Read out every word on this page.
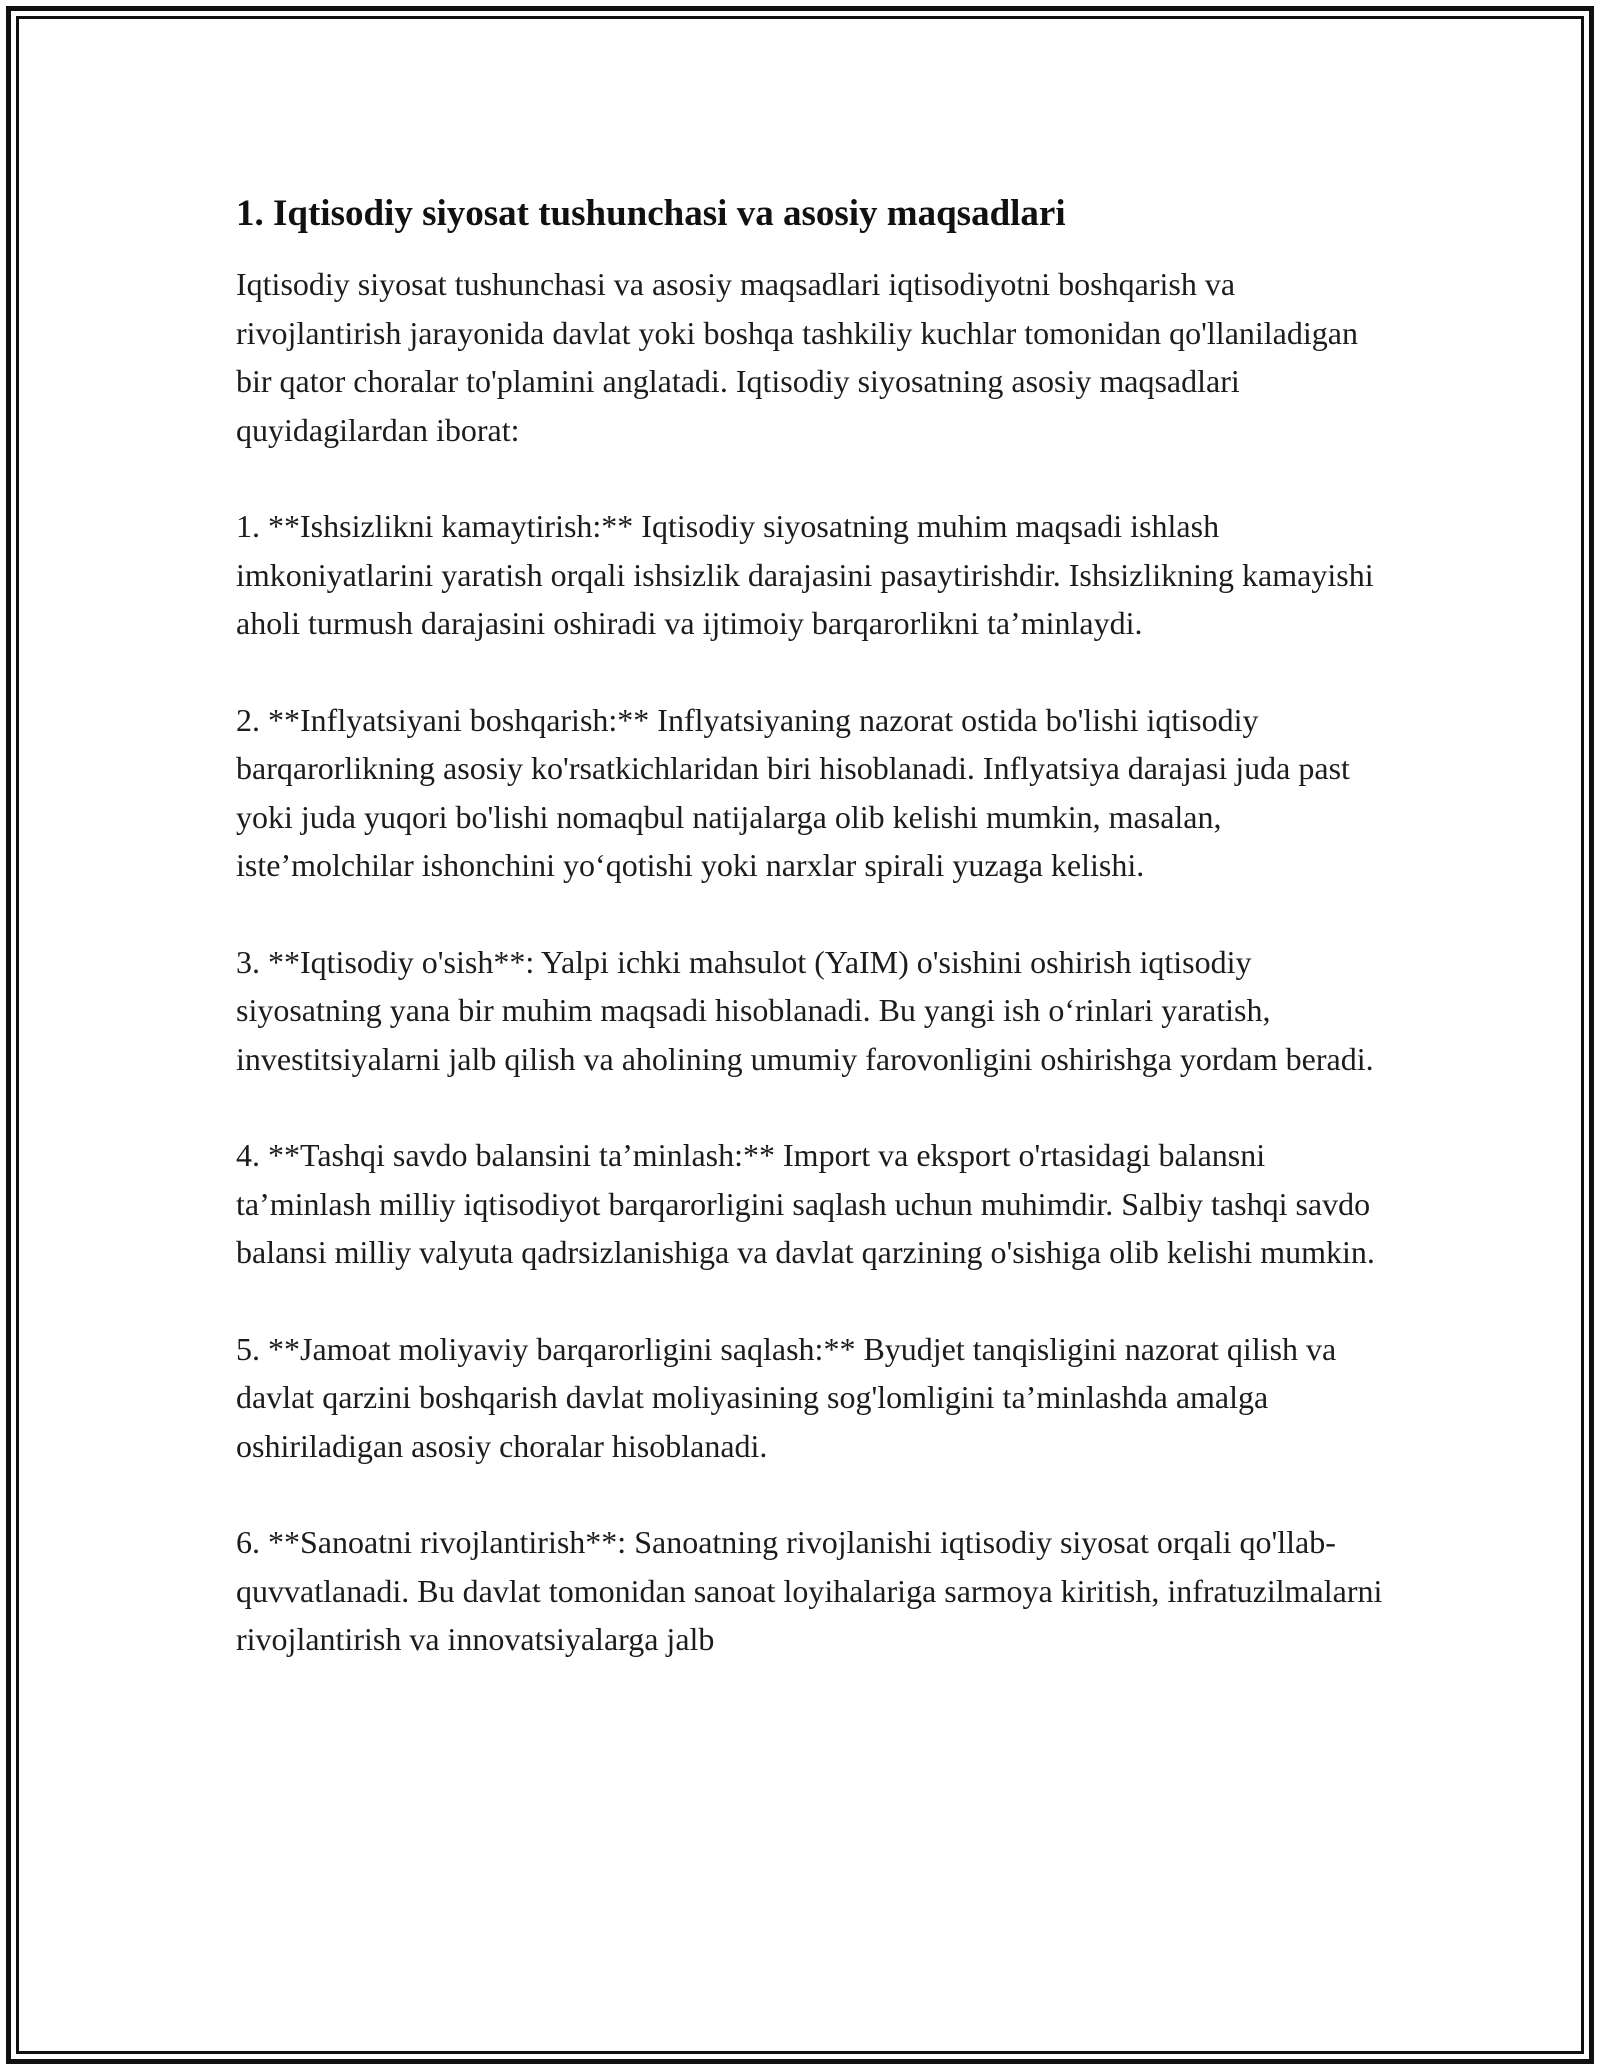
1. Iqtisodiy siyosat tushunchasi va asosiy maqsadlari

Iqtisodiy siyosat tushunchasi va asosiy maqsadlari iqtisodiyotni boshqarish va rivojlantirish jarayonida davlat yoki boshqa tashkiliy kuchlar tomonidan qo'llaniladigan bir qator choralar to'plamini anglatadi. Iqtisodiy siyosatning asosiy maqsadlari quyidagilardan iborat:

1. **Ishsizlikni kamaytirish:** Iqtisodiy siyosatning muhim maqsadi ishlash imkoniyatlarini yaratish orqali ishsizlik darajasini pasaytirishdir. Ishsizlikning kamayishi aholi turmush darajasini oshiradi va ijtimoiy barqarorlikni ta’minlaydi.

2. **Inflyatsiyani boshqarish:** Inflyatsiyaning nazorat ostida bo'lishi iqtisodiy barqarorlikning asosiy ko'rsatkichlaridan biri hisoblanadi. Inflyatsiya darajasi juda past yoki juda yuqori bo'lishi nomaqbul natijalarga olib kelishi mumkin, masalan, iste’molchilar ishonchini yo‘qotishi yoki narxlar spirali yuzaga kelishi.

3. **Iqtisodiy o'sish**: Yalpi ichki mahsulot (YaIM) o'sishini oshirish iqtisodiy siyosatning yana bir muhim maqsadi hisoblanadi. Bu yangi ish o‘rinlari yaratish, investitsiyalarni jalb qilish va aholining umumiy farovonligini oshirishga yordam beradi.

4. **Tashqi savdo balansini ta’minlash:** Import va eksport o'rtasidagi balansni ta’minlash milliy iqtisodiyot barqarorligini saqlash uchun muhimdir. Salbiy tashqi savdo balansi milliy valyuta qadrsizlanishiga va davlat qarzining o'sishiga olib kelishi mumkin.

5. **Jamoat moliyaviy barqarorligini saqlash:** Byudjet tanqisligini nazorat qilish va davlat qarzini boshqarish davlat moliyasining sog'lomligini ta’minlashda amalga oshiriladigan asosiy choralar hisoblanadi.

6. **Sanoatni rivojlantirish**: Sanoatning rivojlanishi iqtisodiy siyosat orqali qo'llab-quvvatlanadi. Bu davlat tomonidan sanoat loyihalariga sarmoya kiritish, infratuzilmalarni rivojlantirish va innovatsiyalarga jalb
